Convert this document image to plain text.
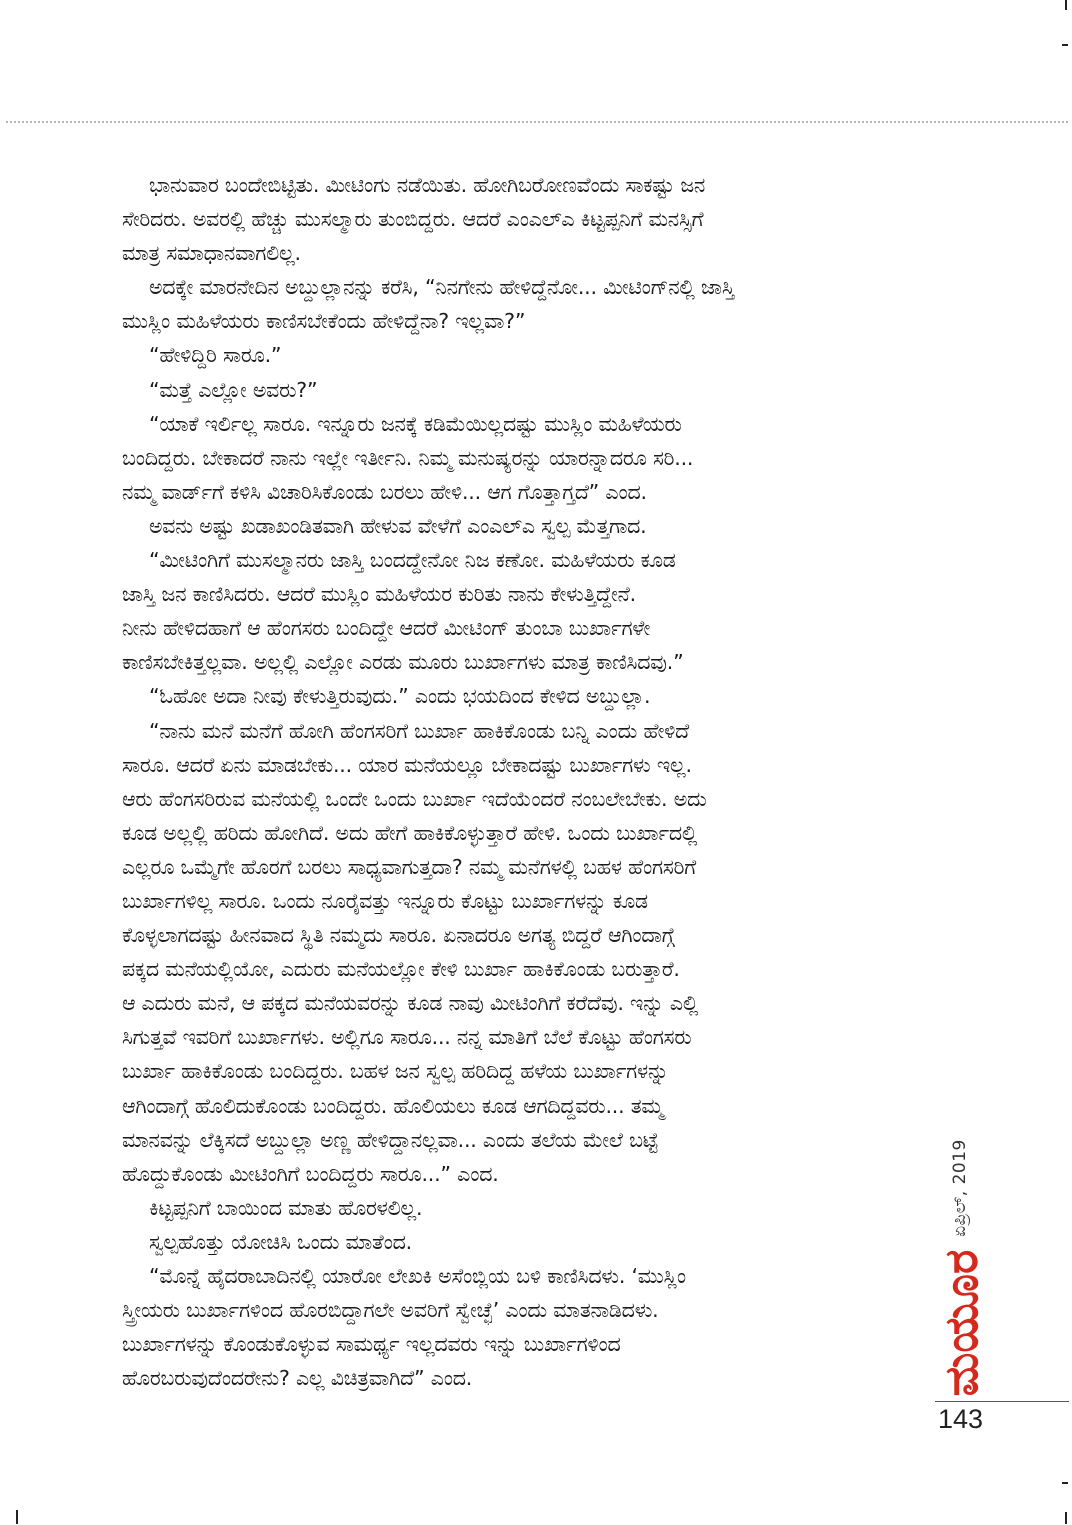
ಭಾನುವಾರ ಬಂದೇಬಿಟ್ಟಿತು. ಮೀಟಿಂಗು ನಡೆಯಿತು. ಹೋಗಿಬರೋಣವೆಂದು ಸಾಕಷ್ಟು ಜನ
ಸೇರಿದರು. ಅವರಲ್ಲಿ ಹೆಚ್ಚು ಮುಸಲ್ಮಾರು ತುಂಬಿದ್ದರು. ಆದರೆ ಎಂಎಲ್‌ಎ ಕಿಟ್ಟಪ್ಪನಿಗೆ ಮನಸ್ಸಿಗೆ
ಮಾತ್ರ ಸಮಾಧಾನವಾಗಲಿಲ್ಲ.
ಅದಕ್ಕೇ ಮಾರನೇದಿನ ಅಬ್ದುಲ್ಲಾನನ್ನು ಕರೆಸಿ, “ನಿನಗೇನು ಹೇಳಿದ್ದೆನೋ... ಮೀಟಿಂಗ್‌ನಲ್ಲಿ ಜಾಸ್ತಿ
ಮುಸ್ಲಿಂ ಮಹಿಳೆಯರು ಕಾಣಿಸಬೇಕೆಂದು ಹೇಳಿದ್ದೆನಾ? ಇಲ್ಲವಾ?”
“ಹೇಳಿದ್ದಿರಿ ಸಾರೂ.”
“ಮತ್ತೆ ಎಲ್ಲೋ ಅವರು?”
“ಯಾಕೆ ಇರ್ಲಿಲ್ಲ ಸಾರೂ. ಇನ್ನೂರು ಜನಕ್ಕೆ ಕಡಿಮೆಯಿಲ್ಲದಷ್ಟು ಮುಸ್ಲಿಂ ಮಹಿಳೆಯರು
ಬಂದಿದ್ದರು. ಬೇಕಾದರೆ ನಾನು ಇಲ್ಲೇ ಇರ್ತೀನಿ. ನಿಮ್ಮ ಮನುಷ್ಯರನ್ನು ಯಾರನ್ನಾದರೂ ಸರಿ...
ನಮ್ಮ ವಾರ್ಡ್‌ಗೆ ಕಳಿಸಿ ವಿಚಾರಿಸಿಕೊಂಡು ಬರಲು ಹೇಳಿ... ಆಗ ಗೊತ್ತಾಗ್ತದೆ” ಎಂದ.
ಅವನು ಅಷ್ಟು ಖಡಾಖಂಡಿತವಾಗಿ ಹೇಳುವ ವೇಳೆಗೆ ಎಂಎಲ್‌ಎ ಸ್ವಲ್ಪ ಮೆತ್ತಗಾದ.
“ಮೀಟಿಂಗಿಗೆ ಮುಸಲ್ಮಾನರು ಜಾಸ್ತಿ ಬಂದದ್ದೇನೋ ನಿಜ ಕಣೋ. ಮಹಿಳೆಯರು ಕೂಡ
ಜಾಸ್ತಿ ಜನ ಕಾಣಿಸಿದರು. ಆದರೆ ಮುಸ್ಲಿಂ ಮಹಿಳೆಯರ ಕುರಿತು ನಾನು ಕೇಳುತ್ತಿದ್ದೇನೆ.
ನೀನು ಹೇಳಿದಹಾಗೆ ಆ ಹೆಂಗಸರು ಬಂದಿದ್ದೇ ಆದರೆ ಮೀಟಿಂಗ್ ತುಂಬಾ ಬುರ್ಖಾಗಳೇ
ಕಾಣಿಸಬೇಕಿತ್ತಲ್ಲವಾ. ಅಲ್ಲಲ್ಲಿ ಎಲ್ಲೋ ಎರಡು ಮೂರು ಬುರ್ಖಾಗಳು ಮಾತ್ರ ಕಾಣಿಸಿದವು.”
“ಓಹೋ ಅದಾ ನೀವು ಕೇಳುತ್ತಿರುವುದು.” ಎಂದು ಭಯದಿಂದ ಕೇಳಿದ ಅಬ್ದುಲ್ಲಾ.
“ನಾನು ಮನೆ ಮನೆಗೆ ಹೋಗಿ ಹೆಂಗಸರಿಗೆ ಬುರ್ಖಾ ಹಾಕಿಕೊಂಡು ಬನ್ನಿ ಎಂದು ಹೇಳಿದೆ
ಸಾರೂ. ಆದರೆ ಏನು ಮಾಡಬೇಕು... ಯಾರ ಮನೆಯಲ್ಲೂ ಬೇಕಾದಷ್ಟು ಬುರ್ಖಾಗಳು ಇಲ್ಲ.
ಆರು ಹೆಂಗಸರಿರುವ ಮನೆಯಲ್ಲಿ ಒಂದೇ ಒಂದು ಬುರ್ಖಾ ಇದೆಯೆಂದರೆ ನಂಬಲೇಬೇಕು. ಅದು
ಕೂಡ ಅಲ್ಲಲ್ಲಿ ಹರಿದು ಹೋಗಿದೆ. ಅದು ಹೇಗೆ ಹಾಕಿಕೊಳ್ಳುತ್ತಾರೆ ಹೇಳಿ. ಒಂದು ಬುರ್ಖಾದಲ್ಲಿ
ಎಲ್ಲರೂ ಒಮ್ಮೆಗೇ ಹೊರಗೆ ಬರಲು ಸಾಧ್ಯವಾಗುತ್ತದಾ? ನಮ್ಮ ಮನೆಗಳಲ್ಲಿ ಬಹಳ ಹೆಂಗಸರಿಗೆ
ಬುರ್ಖಾಗಳಿಲ್ಲ ಸಾರೂ. ಒಂದು ನೂರೈವತ್ತು ಇನ್ನೂರು ಕೊಟ್ಟು ಬುರ್ಖಾಗಳನ್ನು ಕೂಡ
ಕೊಳ್ಳಲಾಗದಷ್ಟು ಹೀನವಾದ ಸ್ಥಿತಿ ನಮ್ಮದು ಸಾರೂ. ಏನಾದರೂ ಅಗತ್ಯ ಬಿದ್ದರೆ ಆಗಿಂದಾಗ್ಗೆ
ಪಕ್ಕದ ಮನೆಯಲ್ಲಿಯೋ, ಎದುರು ಮನೆಯಲ್ಲೋ ಕೇಳಿ ಬುರ್ಖಾ ಹಾಕಿಕೊಂಡು ಬರುತ್ತಾರೆ.
ಆ ಎದುರು ಮನೆ, ಆ ಪಕ್ಕದ ಮನೆಯವರನ್ನು ಕೂಡ ನಾವು ಮೀಟಿಂಗಿಗೆ ಕರೆದೆವು. ಇನ್ನು ಎಲ್ಲಿ
ಸಿಗುತ್ತವೆ ಇವರಿಗೆ ಬುರ್ಖಾಗಳು. ಅಲ್ಲಿಗೂ ಸಾರೂ... ನನ್ನ ಮಾತಿಗೆ ಬೆಲೆ ಕೊಟ್ಟು ಹೆಂಗಸರು
ಬುರ್ಖಾ ಹಾಕಿಕೊಂಡು ಬಂದಿದ್ದರು. ಬಹಳ ಜನ ಸ್ವಲ್ಪ ಹರಿದಿದ್ದ ಹಳೆಯ ಬುರ್ಖಾಗಳನ್ನು
ಆಗಿಂದಾಗ್ಗೆ ಹೊಲಿದುಕೊಂಡು ಬಂದಿದ್ದರು. ಹೊಲಿಯಲು ಕೂಡ ಆಗದಿದ್ದವರು... ತಮ್ಮ
ಮಾನವನ್ನು ಲೆಕ್ಕಿಸದೆ ಅಬ್ದುಲ್ಲಾ ಅಣ್ಣ ಹೇಳಿದ್ದಾನಲ್ಲವಾ... ಎಂದು ತಲೆಯ ಮೇಲೆ ಬಟ್ಟೆ
ಹೊದ್ದುಕೊಂಡು ಮೀಟಿಂಗಿಗೆ ಬಂದಿದ್ದರು ಸಾರೂ...” ಎಂದ.
ಕಿಟ್ಟಪ್ಪನಿಗೆ ಬಾಯಿಂದ ಮಾತು ಹೊರಳಲಿಲ್ಲ.
ಸ್ವಲ್ಪಹೊತ್ತು ಯೋಚಿಸಿ ಒಂದು ಮಾತೆಂದ.
“ಮೊನ್ನೆ ಹೈದರಾಬಾದಿನಲ್ಲಿ ಯಾರೋ ಲೇಖಕಿ ಅಸೆಂಬ್ಲಿಯ ಬಳಿ ಕಾಣಿಸಿದಳು. ‘ಮುಸ್ಲಿಂ
ಸ್ತ್ರೀಯರು ಬುರ್ಖಾಗಳಿಂದ ಹೊರಬಿದ್ದಾಗಲೇ ಅವರಿಗೆ ಸ್ವೇಚ್ಛೆ’ ಎಂದು ಮಾತನಾಡಿದಳು.
ಬುರ್ಖಾಗಳನ್ನು ಕೊಂಡುಕೊಳ್ಳುವ ಸಾಮರ್ಥ್ಯ ಇಲ್ಲದವರು ಇನ್ನು ಬುರ್ಖಾಗಳಿಂದ
ಹೊರಬರುವುದೆಂದರೇನು? ಎಲ್ಲ ವಿಚಿತ್ರವಾಗಿದೆ” ಎಂದ.
ಏಪ್ರಿಲ್, 2019
ಮಯೂರ
143
